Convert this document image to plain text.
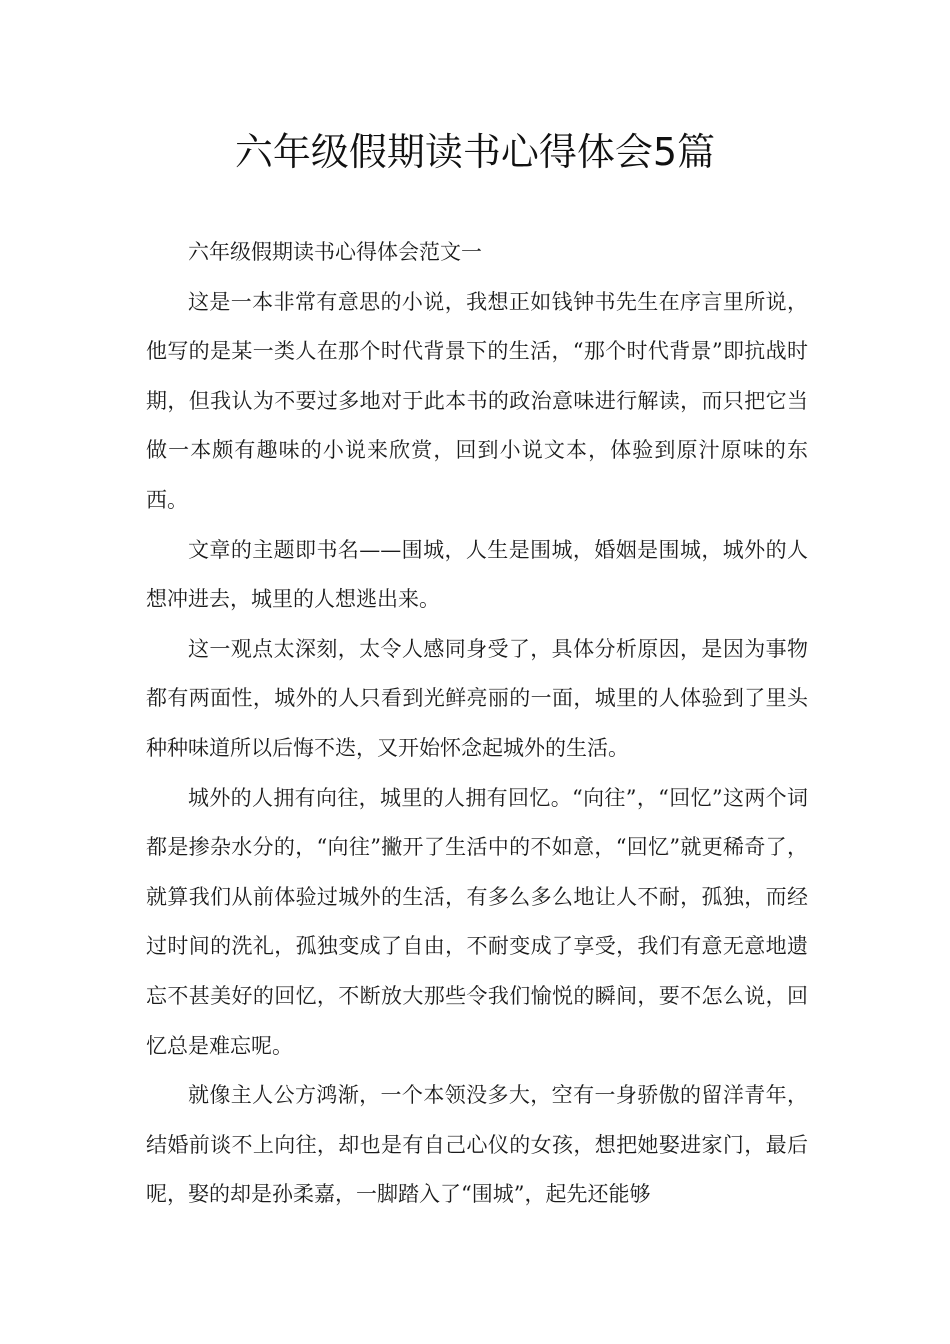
六年级假期读书心得体会5篇

六年级假期读书心得体会范文一

这是一本非常有意思的小说，我想正如钱钟书先生在序言里所说，他写的是某一类人在那个时代背景下的生活，“那个时代背景”即抗战时期，但我认为不要过多地对于此本书的政治意味进行解读，而只把它当做一本颇有趣味的小说来欣赏，回到小说文本，体验到原汁原味的东西。

文章的主题即书名——围城，人生是围城，婚姻是围城，城外的人想冲进去，城里的人想逃出来。

这一观点太深刻，太令人感同身受了，具体分析原因，是因为事物都有两面性，城外的人只看到光鲜亮丽的一面，城里的人体验到了里头种种味道所以后悔不迭，又开始怀念起城外的生活。

城外的人拥有向往，城里的人拥有回忆。“向往”，“回忆”这两个词都是掺杂水分的，“向往”撇开了生活中的不如意，“回忆”就更稀奇了，就算我们从前体验过城外的生活，有多么多么地让人不耐，孤独，而经过时间的洗礼，孤独变成了自由，不耐变成了享受，我们有意无意地遗忘不甚美好的回忆，不断放大那些令我们愉悦的瞬间，要不怎么说，回忆总是难忘呢。

就像主人公方鸿渐，一个本领没多大，空有一身骄傲的留洋青年，结婚前谈不上向往，却也是有自己心仪的女孩，想把她娶进家门，最后呢，娶的却是孙柔嘉，一脚踏入了“围城”，起先还能够
